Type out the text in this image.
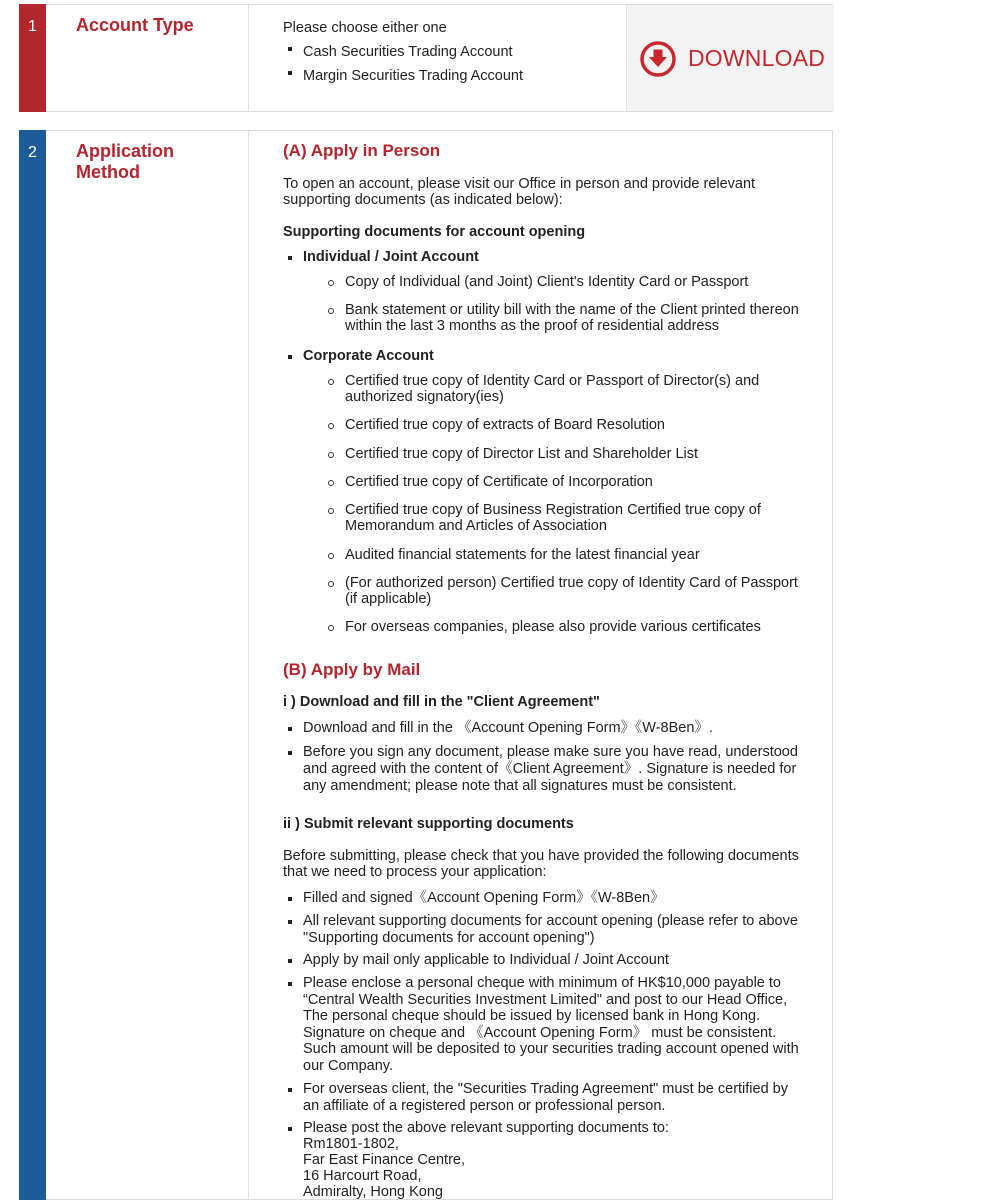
1	Account Type	Please choose either one
Cash Securities Trading Account
Margin Securities Trading Account
DOWNLOAD
2	Application
Method
(A) Apply in Person
To open an account, please visit our Office in person and provide relevant
supporting documents (as indicated below):
Supporting documents for account opening
Individual / Joint Account
Copy of Individual (and Joint) Client's Identity Card or Passport
Bank statement or utility bill with the name of the Client printed thereon
within the last 3 months as the proof of residential address
Corporate Account
Certified true copy of Identity Card or Passport of Director(s) and
authorized signatory(ies)
Certified true copy of extracts of Board Resolution
Certified true copy of Director List and Shareholder List
Certified true copy of Certificate of Incorporation
Certified true copy of Business Registration Certified true copy of
Memorandum and Articles of Association
Audited financial statements for the latest financial year
(For authorized person) Certified true copy of Identity Card of Passport
(if applicable)
For overseas companies, please also provide various certificates
(B) Apply by Mail
i ) Download and fill in the "Client Agreement"
Download and fill in the 《Account Opening Form》《W-8Ben》.
Before you sign any document, please make sure you have read, understood
and agreed with the content of《Client Agreement》. Signature is needed for
any amendment; please note that all signatures must be consistent.
ii ) Submit relevant supporting documents
Before submitting, please check that you have provided the following documents
that we need to process your application:
Filled and signed《Account Opening Form》《W-8Ben》
All relevant supporting documents for account opening (please refer to above
"Supporting documents for account opening")
Apply by mail only applicable to Individual / Joint Account
Please enclose a personal cheque with minimum of HK$10,000 payable to
“Central Wealth Securities Investment Limited" and post to our Head Office,
The personal cheque should be issued by licensed bank in Hong Kong.
Signature on cheque and 《Account Opening Form》 must be consistent.
Such amount will be deposited to your securities trading account opened with
our Company.
For overseas client, the "Securities Trading Agreement" must be certified by
an affiliate of a registered person or professional person.
Please post the above relevant supporting documents to:
Rm1801-1802,
Far East Finance Centre,
16 Harcourt Road,
Admiralty, Hong Kong
